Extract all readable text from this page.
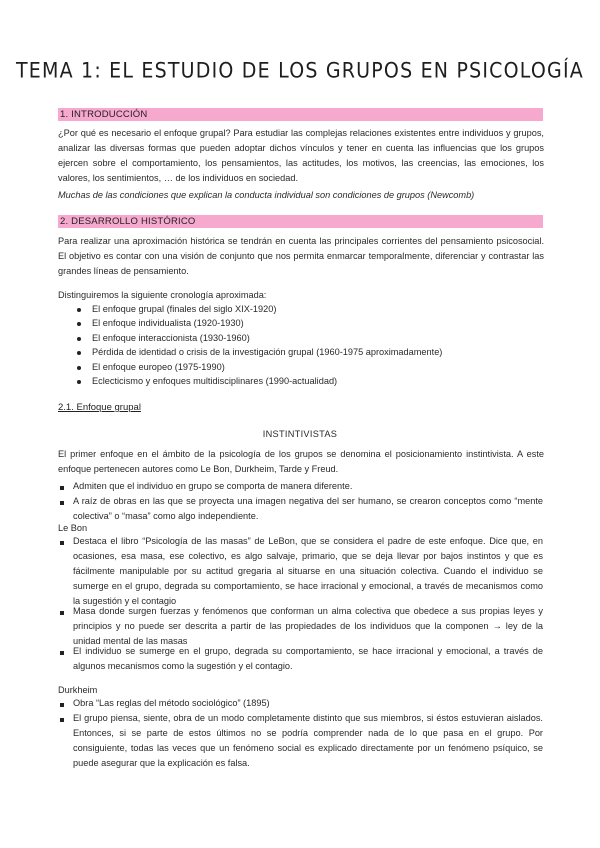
TEMA 1: EL ESTUDIO DE LOS GRUPOS EN PSICOLOGÍA
1. INTRODUCCIÓN
¿Por qué es necesario el enfoque grupal? Para estudiar las complejas relaciones existentes entre individuos y grupos, analizar las diversas formas que pueden adoptar dichos vínculos y tener en cuenta las influencias que los grupos ejercen sobre el comportamiento, los pensamientos, las actitudes, los motivos, las creencias, las emociones, los valores, los sentimientos, … de los individuos en sociedad.
Muchas de las condiciones que explican la conducta individual son condiciones de grupos (Newcomb)
2. DESARROLLO HISTÓRICO
Para realizar una aproximación histórica se tendrán en cuenta las principales corrientes del pensamiento psicosocial. El objetivo es contar con una visión de conjunto que nos permita enmarcar temporalmente, diferenciar y contrastar las grandes líneas de pensamiento.
Distinguiremos la siguiente cronología aproximada:
El enfoque grupal (finales del siglo XIX-1920)
El enfoque individualista (1920-1930)
El enfoque interaccionista (1930-1960)
Pérdida de identidad o crisis de la investigación grupal (1960-1975 aproximadamente)
El enfoque europeo (1975-1990)
Eclecticismo y enfoques multidisciplinares (1990-actualidad)
2.1. Enfoque grupal
INSTINTIVISTAS
El primer enfoque en el ámbito de la psicología de los grupos se denomina el posicionamiento instintivista. A este enfoque pertenecen autores como Le Bon, Durkheim, Tarde y Freud.
Admiten que el individuo en grupo se comporta de manera diferente.
A raíz de obras en las que se proyecta una imagen negativa del ser humano, se crearon conceptos como “mente colectiva” o “masa” como algo independiente.
Le Bon
Destaca el libro “Psicología de las masas” de LeBon, que se considera el padre de este enfoque. Dice que, en ocasiones, esa masa, ese colectivo, es algo salvaje, primario, que se deja llevar por bajos instintos y que es fácilmente manipulable por su actitud gregaria al situarse en una situación colectiva. Cuando el individuo se sumerge en el grupo, degrada su comportamiento, se hace irracional y emocional, a través de mecanismos como la sugestión y el contagio
Masa donde surgen fuerzas y fenómenos que conforman un alma colectiva que obedece a sus propias leyes y principios y no puede ser descrita a partir de las propiedades de los individuos que la componen → ley de la unidad mental de las masas
El individuo se sumerge en el grupo, degrada su comportamiento, se hace irracional y emocional, a través de algunos mecanismos como la sugestión y el contagio.
Durkheim
Obra “Las reglas del método sociológico” (1895)
El grupo piensa, siente, obra de un modo completamente distinto que sus miembros, si éstos estuvieran aislados. Entonces, si se parte de estos últimos no se podría comprender nada de lo que pasa en el grupo. Por consiguiente, todas las veces que un fenómeno social es explicado directamente por un fenómeno psíquico, se puede asegurar que la explicación es falsa.
